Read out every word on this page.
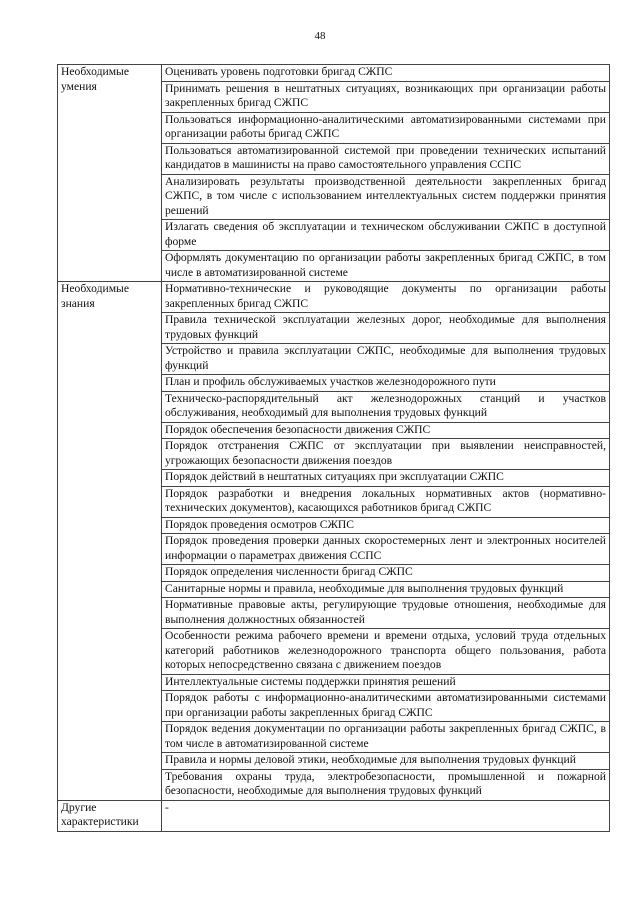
48
Необходимые
умения	Оценивать уровень подготовки бригад СЖПС
	Принимать решения в нештатных ситуациях, возникающих при организации работы закрепленных бригад СЖПС
	Пользоваться информационно-аналитическими автоматизированными системами при организации работы бригад СЖПС
	Пользоваться автоматизированной системой при проведении технических испытаний кандидатов в машинисты на право самостоятельного управления ССПС
	Анализировать результаты производственной деятельности закрепленных бригад СЖПС, в том числе с использованием интеллектуальных систем поддержки принятия решений
	Излагать сведения об эксплуатации и техническом обслуживании СЖПС в доступной форме
	Оформлять документацию по организации работы закрепленных бригад СЖПС, в том числе в автоматизированной системе

Необходимые
знания	Нормативно-технические и руководящие документы по организации работы закрепленных бригад СЖПС
	Правила технической эксплуатации железных дорог, необходимые для выполнения трудовых функций
	Устройство и правила эксплуатации СЖПС, необходимые для выполнения трудовых функций
	План и профиль обслуживаемых участков железнодорожного пути
	Техническо-распорядительный акт железнодорожных станций и участков обслуживания, необходимый для выполнения трудовых функций
	Порядок обеспечения безопасности движения СЖПС
	Порядок отстранения СЖПС от эксплуатации при выявлении неисправностей, угрожающих безопасности движения поездов
	Порядок действий в нештатных ситуациях при эксплуатации СЖПС
	Порядок разработки и внедрения локальных нормативных актов (нормативно-технических документов), касающихся работников бригад СЖПС
	Порядок проведения осмотров СЖПС
	Порядок проведения проверки данных скоростемерных лент и электронных носителей информации о параметрах движения ССПС
	Порядок определения численности бригад СЖПС
	Санитарные нормы и правила, необходимые для выполнения трудовых функций
	Нормативные правовые акты, регулирующие трудовые отношения, необходимые для выполнения должностных обязанностей
	Особенности режима рабочего времени и времени отдыха, условий труда отдельных категорий работников железнодорожного транспорта общего пользования, работа которых непосредственно связана с движением поездов
	Интеллектуальные системы поддержки принятия решений
	Порядок работы с информационно-аналитическими автоматизированными системами при организации работы закрепленных бригад СЖПС
	Порядок ведения документации по организации работы закрепленных бригад СЖПС, в том числе в автоматизированной системе
	Правила и нормы деловой этики, необходимые для выполнения трудовых функций
	Требования охраны труда, электробезопасности, промышленной и пожарной безопасности, необходимые для выполнения трудовых функций

Другие
характеристики	-
